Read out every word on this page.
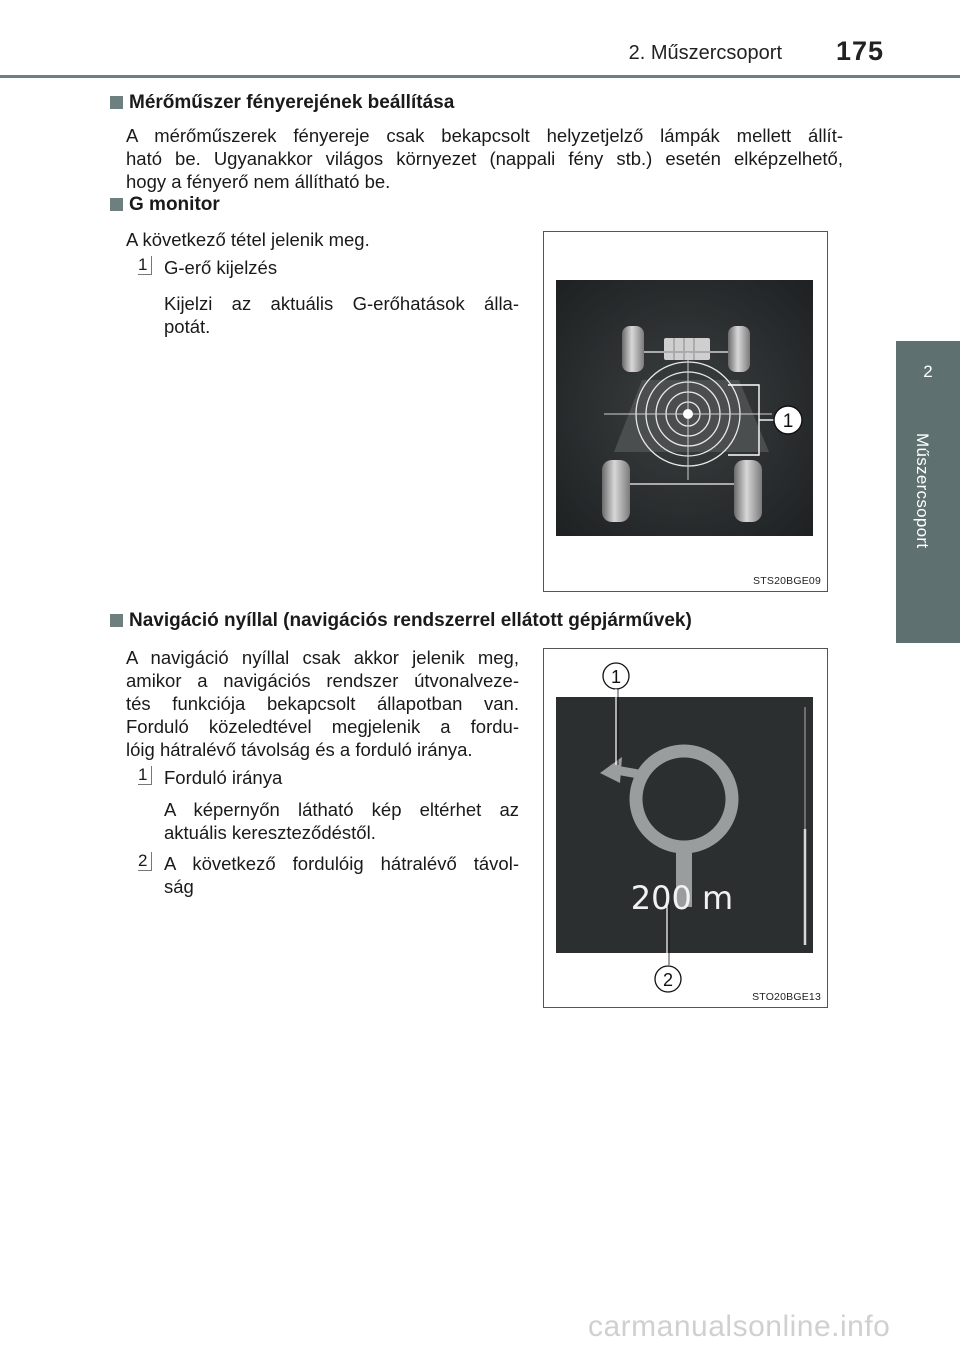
2. Műszercsoport 175
2
Műszercsoport
Mérőműszer fényerejének beállítása
A mérőműszerek fényereje csak bekapcsolt helyzetjelző lámpák mellett állít-
ható be. Ugyanakkor világos környezet (nappali fény stb.) esetén elképzelhető,
hogy a fényerő nem állítható be.
G monitor
A következő tétel jelenik meg.
1 G-erő kijelzés
Kijelzi az aktuális G-erőhatások álla-
potát.
1
STS20BGE09
Navigáció nyíllal (navigációs rendszerrel ellátott gépjárművek)
A navigáció nyíllal csak akkor jelenik meg,
amikor a navigációs rendszer útvonalveze-
tés funkciója bekapcsolt állapotban van.
Forduló közeledtével megjelenik a fordu-
lóig hátralévő távolság és a forduló iránya.
1 Forduló iránya
A képernyőn látható kép eltérhet az
aktuális kereszteződéstől.
2 A következő fordulóig hátralévő távol-
ság	200 m
1
2
STO20BGE13
carmanualsonline.info
